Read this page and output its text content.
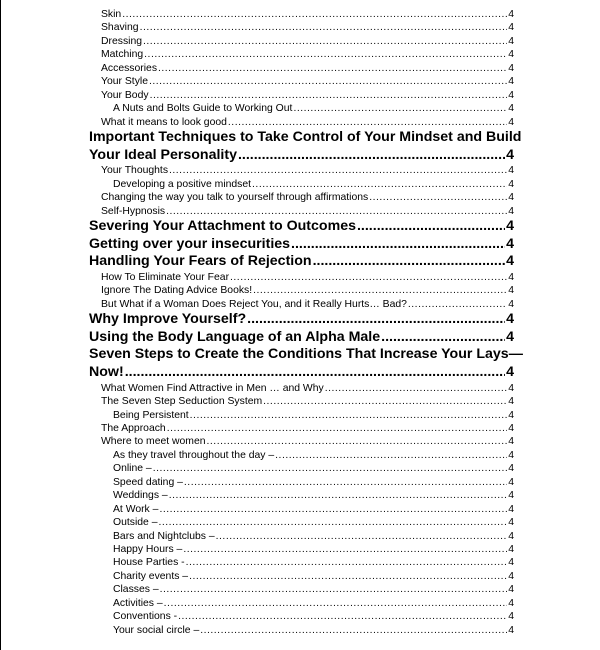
Skin .....	4
Shaving .....	4
Dressing .....	4
Matching .....	4
Accessories .....	4
Your Style .....	4
Your Body .....	4
A Nuts and Bolts Guide to Working Out .....	4
What it means to look good .....	4
Important Techniques to Take Control of Your Mindset and Build
Your Ideal Personality .....	4
Your Thoughts .....	4
Developing a positive mindset .....	4
Changing the way you talk to yourself through affirmations .....	4
Self-Hypnosis .....	4
Severing Your Attachment to Outcomes .....	4
Getting over your insecurities .....	4
Handling Your Fears of Rejection .....	4
How To Eliminate Your Fear .....	4
Ignore The Dating Advice Books! .....	4
But What if a Woman Does Reject You, and it Really Hurts… Bad? .....	4
Why Improve Yourself? .....	4
Using the Body Language of an Alpha Male .....	4
Seven Steps to Create the Conditions That Increase Your Lays—
Now! .....	4
What Women Find Attractive in Men … and Why .....	4
The Seven Step Seduction System .....	4
Being Persistent .....	4
The Approach .....	4
Where to meet women .....	4
As they travel throughout the day – .....	4
Online – .....	4
Speed dating – .....	4
Weddings – .....	4
At Work – .....	4
Outside – .....	4
Bars and Nightclubs – .....	4
Happy Hours – .....	4
House Parties - .....	4
Charity events – .....	4
Classes – .....	4
Activities – .....	4
Conventions - .....	4
Your social circle – .....	4
